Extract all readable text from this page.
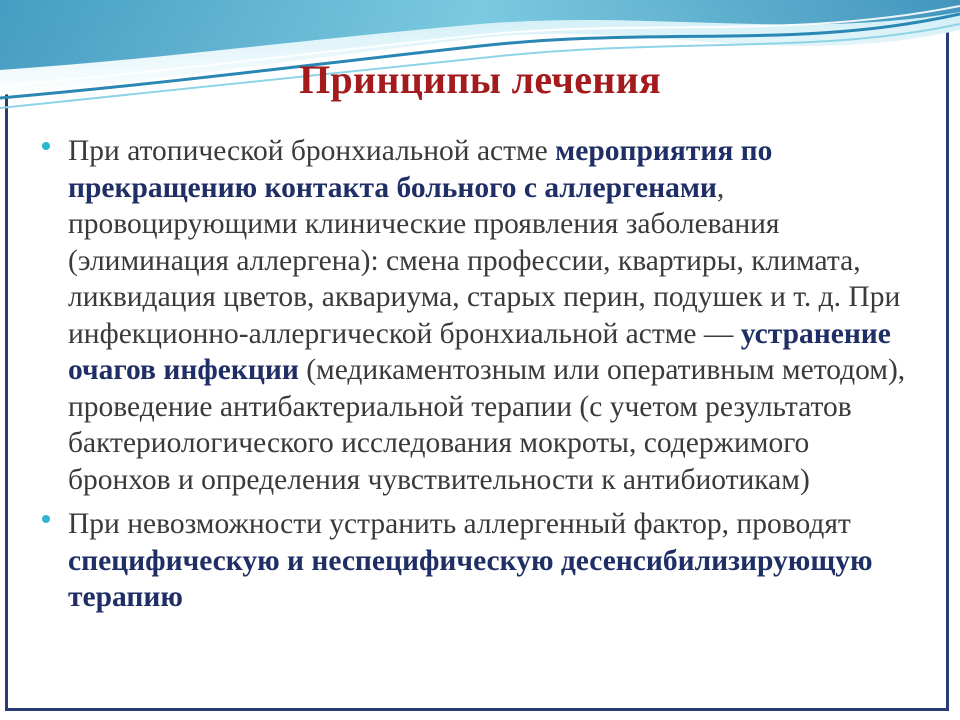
Принципы лечения
При атопической бронхиальной астме мероприятия по прекращению контакта больного с аллергенами, провоцирующими клинические проявления заболевания (элиминация аллергена): смена профессии, квартиры, климата, ликвидация цветов, аквариума, старых перин, подушек и т. д. При инфекционно-аллергической бронхиальной астме — устранение очагов инфекции (медикаментозным или оперативным методом), проведение антибактериальной терапии (с учетом результатов бактериологического исследования мокроты, содержимого бронхов и определения чувствительности к антибиотикам)
При невозможности устранить аллергенный фактор, проводят специфическую и неспецифическую десенсибилизирующую терапию
